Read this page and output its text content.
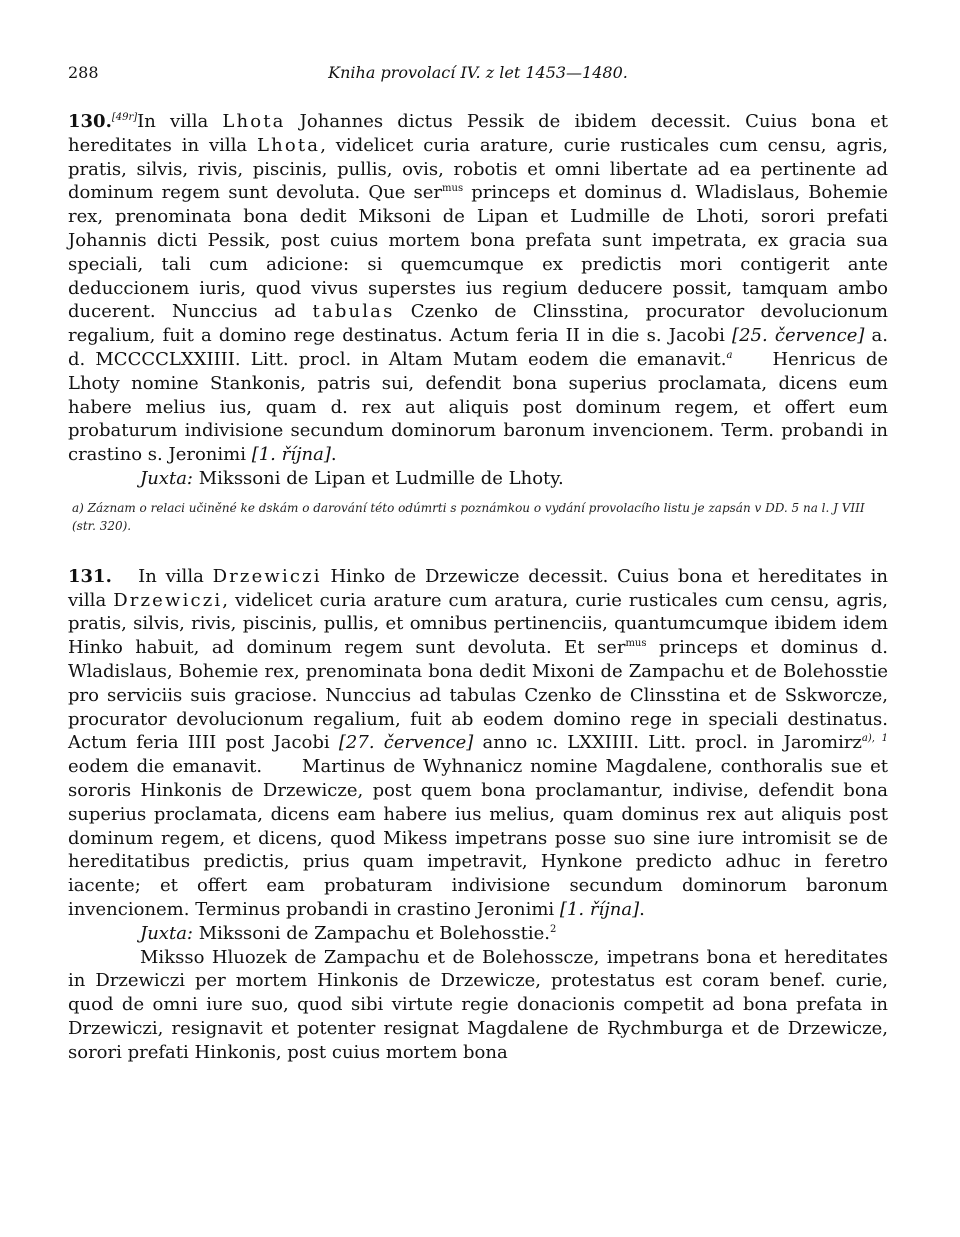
288	Kniha provolací IV. z let 1453—1480.

130.[49r]In villa Lhota Johannes dictus Pessik de ibidem decessit. Cuius bona et hereditates in villa Lhota, videlicet curia arature, curie rusticales cum censu, agris, pratis, silvis, rivis, piscinis, pullis, ovis, robotis et omni libertate ad ea pertinente ad dominum regem sunt devoluta. Que ser$^{mus}$ princeps et dominus d. Wladislaus, Bohemie rex, prenominata bona dedit Miksoni de Lipan et Ludmille de Lhoti, sorori prefati Johannis dicti Pessik, post cuius mortem bona prefata sunt impetrata, ex gracia sua speciali, tali cum adicione: si quemcumque ex predictis mori contigerit ante deduccionem iuris, quod vivus superstes ius regium deducere possit, tamquam ambo ducerent. Nunccius ad tabulas Czenko de Clinsstina, procurator devolucionum regalium, fuit a domino rege destinatus. Actum feria II in die s. Jacobi [25. července] a. d. MCCCCLXXIIII. Litt. procl. in Altam Mutam eodem die emanavit.$^a$ Henricus de Lhoty nomine Stankonis, patris sui, defendit bona superius proclamata, dicens eum habere melius ius, quam d. rex aut aliquis post dominum regem, et offert eum probaturum indivisione secundum dominorum baronum invencionem. Term. probandi in crastino s. Jeronimi [1. října].

Juxta: Mikssoni de Lipan et Ludmille de Lhoty.

a) Záznam o relaci učiněné ke dskám o darování této odúmrti s poznámkou o vydání provolacího listu je zapsán v DD. 5 na l. J VIII (str. 320).

131. In villa Drzewiczi Hinko de Drzewicze decessit. Cuius bona et hereditates in villa Drzewiczi, videlicet curia arature cum aratura, curie rusticales cum censu, agris, pratis, silvis, rivis, piscinis, pullis, et omnibus pertinenciis, quantumcumque ibidem idem Hinko habuit, ad dominum regem sunt devoluta. Et ser$^{mus}$ princeps et dominus d. Wladislaus, Bohemie rex, prenominata bona dedit Mixoni de Zampachu et de Bolehosstie pro serviciis suis graciose. Nunccius ad tabulas Czenko de Clinsstina et de Sskworcze, procurator devolucionum regalium, fuit ab eodem domino rege in speciali destinatus. Actum feria IIII post Jacobi [27. července] anno ıc. LXXIIII. Litt. procl. in Jaromirz$^{a), 1}$ eodem die emanavit. Martinus de Wyhnanicz nomine Magdalene, conthoralis sue et sororis Hinkonis de Drzewicze, post quem bona proclamantur, indivise, defendit bona superius proclamata, dicens eam habere ius melius, quam dominus rex aut aliquis post dominum regem, et dicens, quod Mikess impetrans posse suo sine iure intromisit se de hereditatibus predictis, prius quam impetravit, Hynkone predicto adhuc in feretro iacente; et offert eam probaturam indivisione secundum dominorum baronum invencionem. Terminus probandi in crastino Jeronimi [1. října].

Juxta: Mikssoni de Zampachu et Bolehosstie.$^2$

Miksso Hluozek de Zampachu et de Bolehosscze, impetrans bona et hereditates in Drzewiczi per mortem Hinkonis de Drzewicze, protestatus est coram benef. curie, quod de omni iure suo, quod sibi virtute regie donacionis competit ad bona prefata in Drzewiczi, resignavit et potenter resignat Magdalene de Rychmburga et de Drzewicze, sorori prefati Hinkonis, post cuius mortem bona
